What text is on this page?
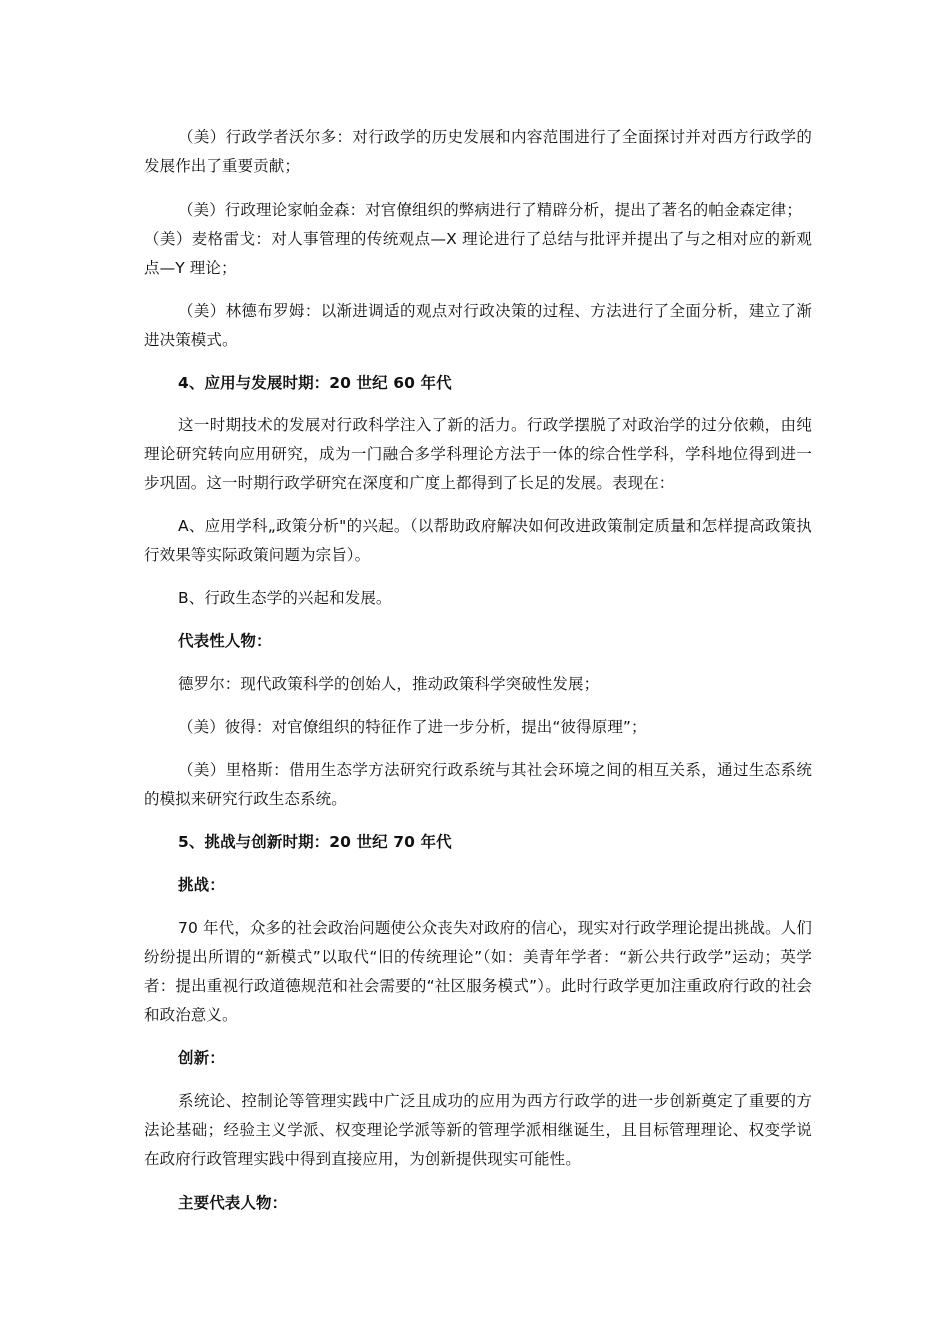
（美）行政学者沃尔多：对行政学的历史发展和内容范围进行了全面探讨并对西方行政学的发展作出了重要贡献；

（美）行政理论家帕金森：对官僚组织的弊病进行了精辟分析，提出了著名的帕金森定律；

（美）麦格雷戈：对人事管理的传统观点—X 理论进行了总结与批评并提出了与之相对应的新观点—Y 理论；

（美）林德布罗姆：以渐进调适的观点对行政决策的过程、方法进行了全面分析，建立了渐进决策模式。

4、应用与发展时期：20 世纪 60 年代

这一时期技术的发展对行政科学注入了新的活力。行政学摆脱了对政治学的过分依赖，由纯理论研究转向应用研究，成为一门融合多学科理论方法于一体的综合性学科，学科地位得到进一步巩固。这一时期行政学研究在深度和广度上都得到了长足的发展。表现在：

A、应用学科„政策分析"的兴起。（以帮助政府解决如何改进政策制定质量和怎样提高政策执行效果等实际政策问题为宗旨）。

B、行政生态学的兴起和发展。

代表性人物：

德罗尔：现代政策科学的创始人，推动政策科学突破性发展；

（美）彼得：对官僚组织的特征作了进一步分析，提出“彼得原理”；

（美）里格斯：借用生态学方法研究行政系统与其社会环境之间的相互关系，通过生态系统的模拟来研究行政生态系统。

5、挑战与创新时期：20 世纪 70 年代

挑战：

70 年代，众多的社会政治问题使公众丧失对政府的信心，现实对行政学理论提出挑战。人们纷纷提出所谓的“新模式”以取代“旧的传统理论”（如：美青年学者：“新公共行政学”运动；英学者：提出重视行政道德规范和社会需要的“社区服务模式”）。此时行政学更加注重政府行政的社会和政治意义。

创新：

系统论、控制论等管理实践中广泛且成功的应用为西方行政学的进一步创新奠定了重要的方法论基础；经验主义学派、权变理论学派等新的管理学派相继诞生，且目标管理理论、权变学说在政府行政管理实践中得到直接应用，为创新提供现实可能性。

主要代表人物：
